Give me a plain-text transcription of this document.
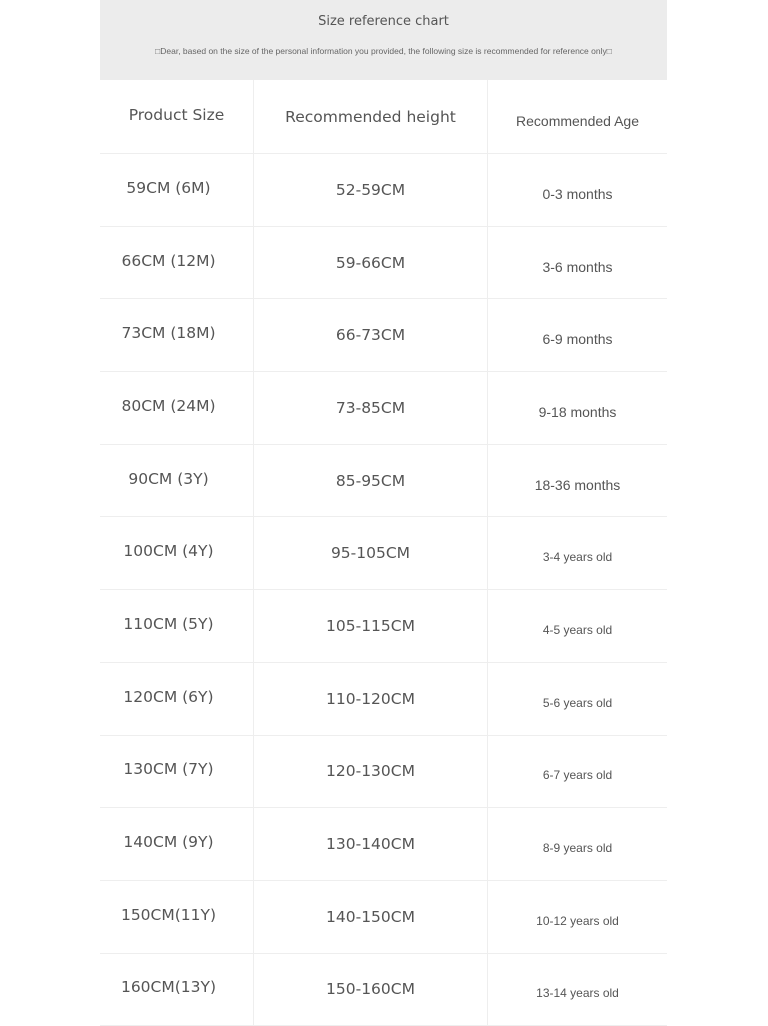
Size reference chart
□Dear, based on the size of the personal information you provided, the following size is recommended for reference only□
Product Size	Recommended height	Recommended Age
59CM (6M)	52-59CM	0-3 months
66CM (12M)	59-66CM	3-6 months
73CM (18M)	66-73CM	6-9 months
80CM (24M)	73-85CM	9-18 months
90CM (3Y)	85-95CM	18-36 months
100CM (4Y)	95-105CM	3-4 years old
110CM (5Y)	105-115CM	4-5 years old
120CM (6Y)	110-120CM	5-6 years old
130CM (7Y)	120-130CM	6-7 years old
140CM (9Y)	130-140CM	8-9 years old
150CM(11Y)	140-150CM	10-12 years old
160CM(13Y)	150-160CM	13-14 years old
